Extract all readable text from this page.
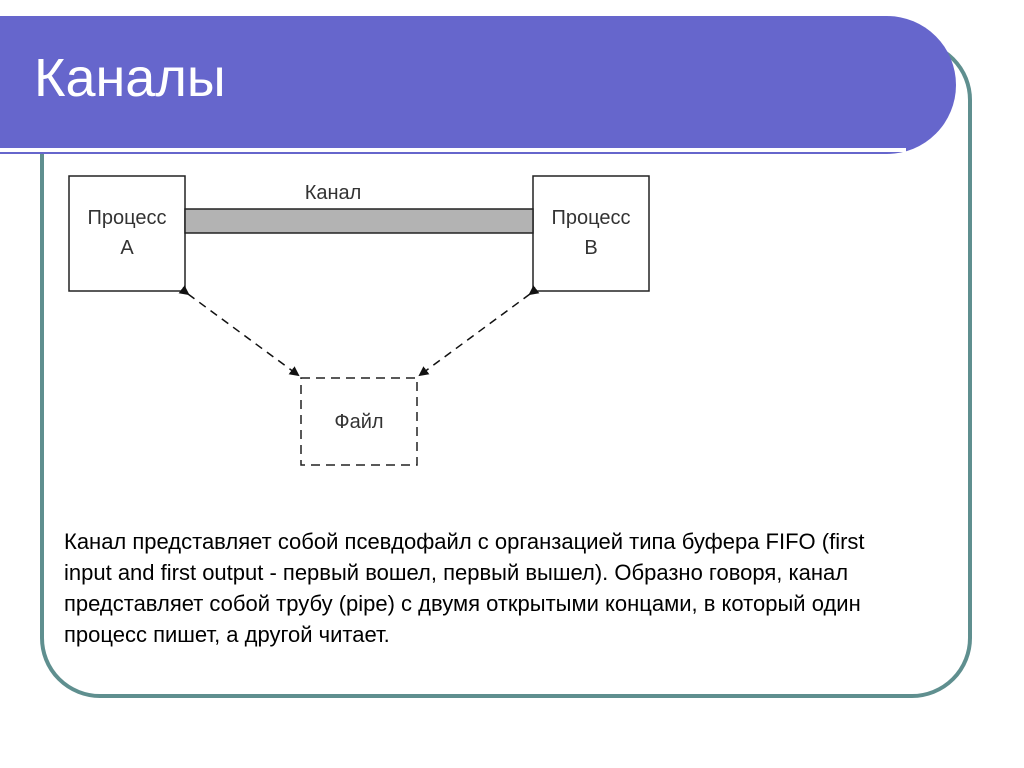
Каналы
Процесс
А
Процесс
В
Канал
Файл
Канал представляет собой псевдофайл с органзацией типа буфера FIFO (first input and first output - первый вошел, первый вышел). Образно говоря, канал представляет собой трубу (pipe) с двумя открытыми концами, в который один процесс пишет, а другой читает.
